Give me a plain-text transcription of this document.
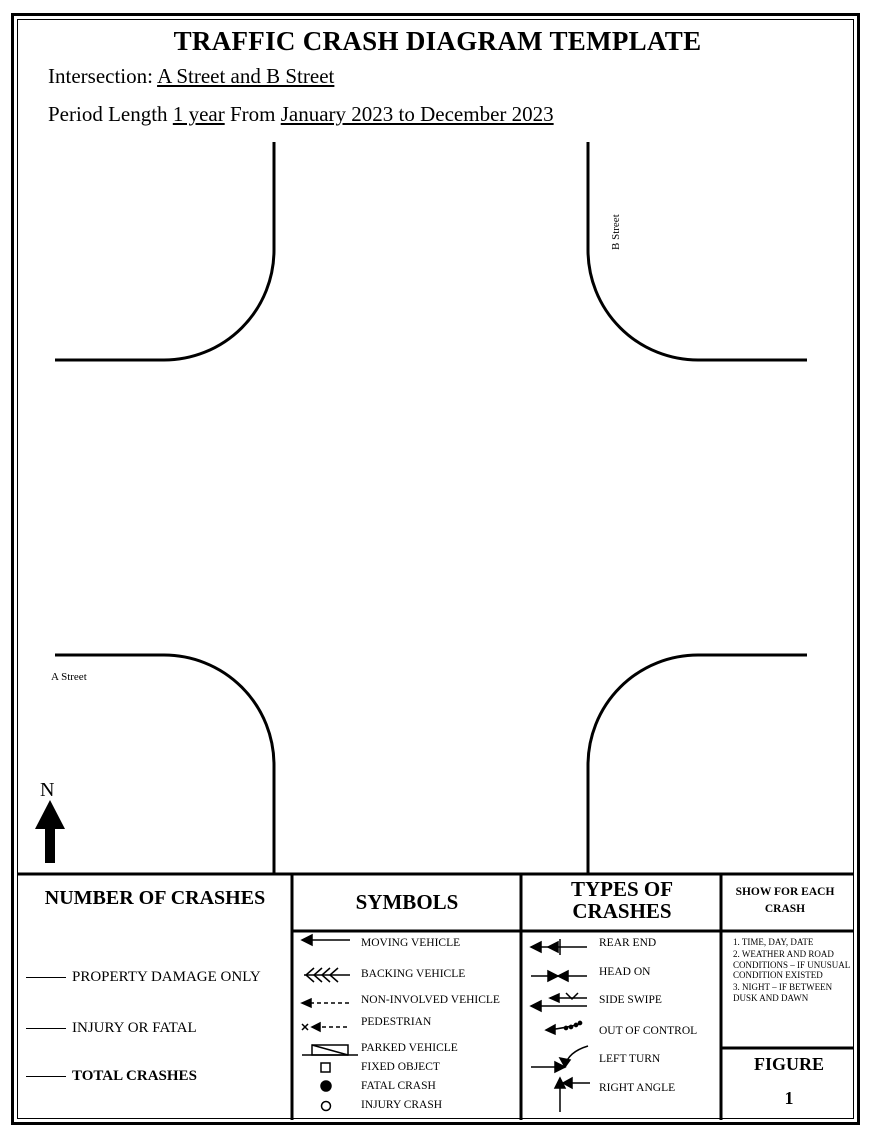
TRAFFIC CRASH DIAGRAM TEMPLATE
Intersection: A Street and B Street
Period Length 1 year From January 2023 to December 2023
B Street
A Street
N
NUMBER OF CRASHES
PROPERTY DAMAGE ONLY
INJURY OR FATAL
TOTAL CRASHES
SYMBOLS
MOVING VEHICLE
BACKING VEHICLE
NON-INVOLVED VEHICLE
PEDESTRIAN
PARKED VEHICLE
FIXED OBJECT
FATAL CRASH
INJURY CRASH
TYPES OF CRASHES
REAR END
HEAD ON
SIDE SWIPE
OUT OF CONTROL
LEFT TURN
RIGHT ANGLE
SHOW FOR EACH CRASH
1. TIME, DAY, DATE
2. WEATHER AND ROAD CONDITIONS – IF UNUSUAL CONDITION EXISTED
3. NIGHT – IF BETWEEN DUSK AND DAWN
FIGURE
1
